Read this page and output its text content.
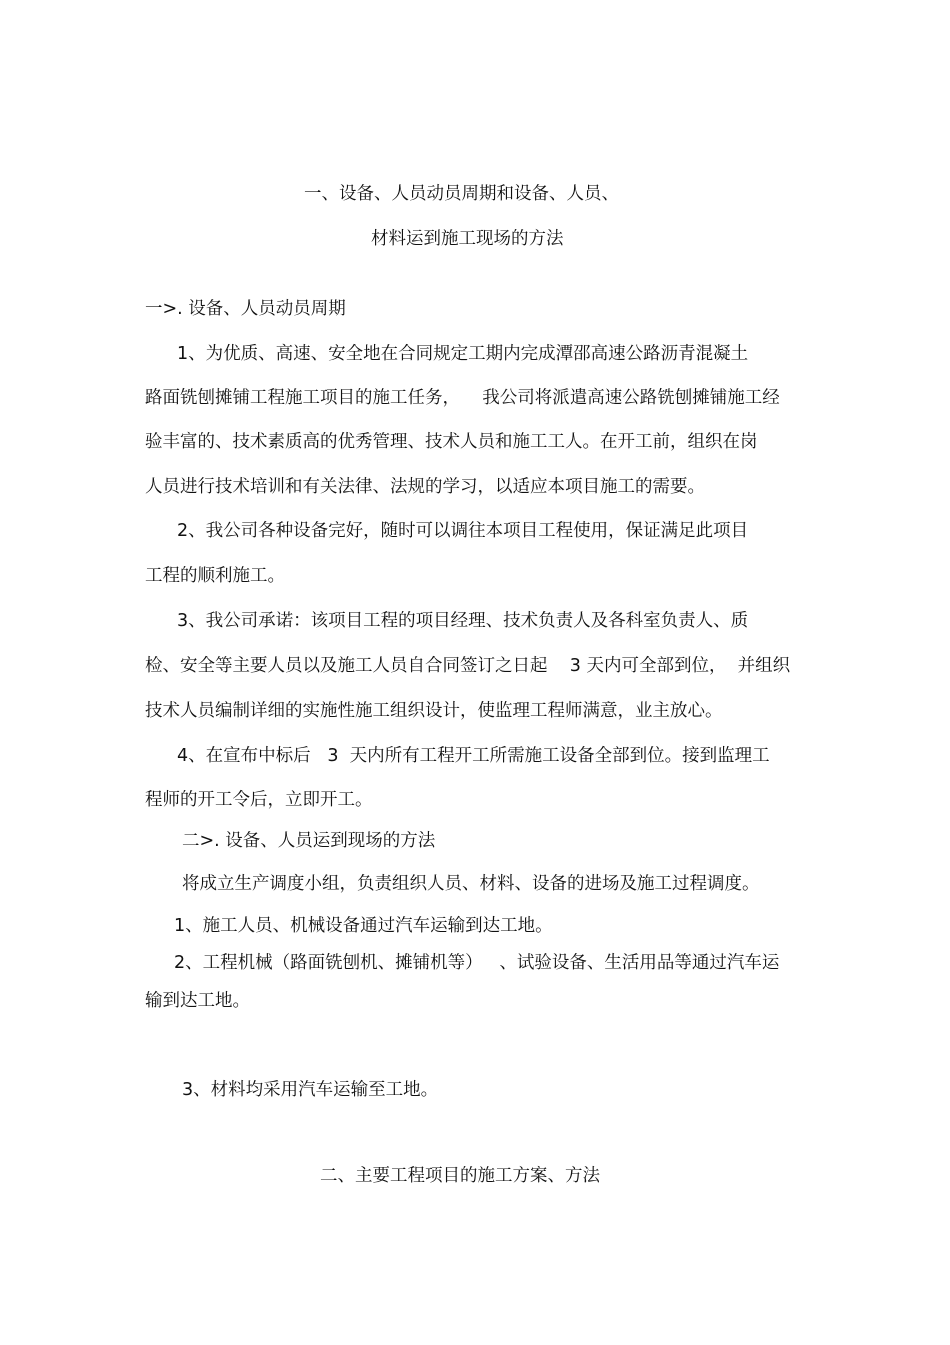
一、设备、人员动员周期和设备、人员、
材料运到施工现场的方法
一>. 设备、人员动员周期
1、为优质、高速、安全地在合同规定工期内完成潭邵高速公路沥青混凝土
路面铣刨摊铺工程施工项目的施工任务，    我公司将派遣高速公路铣刨摊铺施工经
验丰富的、技术素质高的优秀管理、技术人员和施工工人。在开工前，组织在岗
人员进行技术培训和有关法律、法规的学习，以适应本项目施工的需要。
2、我公司各种设备完好，随时可以调往本项目工程使用，保证满足此项目
工程的顺利施工。
3、我公司承诺：该项目工程的项目经理、技术负责人及各科室负责人、质
检、安全等主要人员以及施工人员自合同签订之日起    3 天内可全部到位，  并组织
技术人员编制详细的实施性施工组织设计，使监理工程师满意，业主放心。
4、在宣布中标后   3  天内所有工程开工所需施工设备全部到位。接到监理工
程师的开工令后，立即开工。
二>. 设备、人员运到现场的方法
将成立生产调度小组，负责组织人员、材料、设备的进场及施工过程调度。
1、施工人员、机械设备通过汽车运输到达工地。
2、工程机械（路面铣刨机、摊铺机等）   、试验设备、生活用品等通过汽车运
输到达工地。
3、材料均采用汽车运输至工地。
二、主要工程项目的施工方案、方法
